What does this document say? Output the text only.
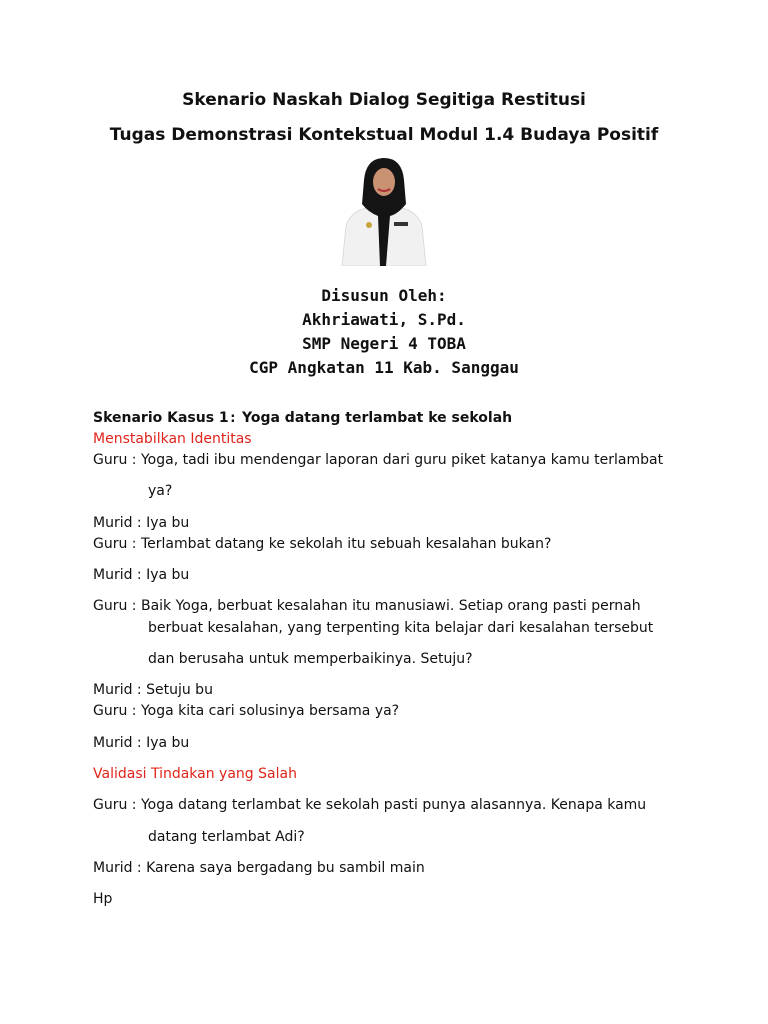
Skenario Naskah Dialog Segitiga Restitusi
Tugas Demonstrasi Kontekstual Modul 1.4 Budaya Positif
Disusun Oleh:
Akhriawati, S.Pd.
SMP Negeri 4 TOBA
CGP Angkatan 11 Kab. Sanggau
Skenario Kasus 1: Yoga datang terlambat ke sekolah
Menstabilkan Identitas
Guru : Yoga, tadi ibu mendengar laporan dari guru piket katanya kamu terlambat
ya?
Murid : Iya bu
Guru : Terlambat datang ke sekolah itu sebuah kesalahan bukan?
Murid : Iya bu
Guru : Baik Yoga, berbuat kesalahan itu manusiawi. Setiap orang pasti pernah
berbuat kesalahan, yang terpenting kita belajar dari kesalahan tersebut
dan berusaha untuk memperbaikinya. Setuju?
Murid : Setuju bu
Guru : Yoga kita cari solusinya bersama ya?
Murid : Iya bu
Validasi Tindakan yang Salah
Guru : Yoga datang terlambat ke sekolah pasti punya alasannya. Kenapa kamu
datang terlambat Adi?
Murid : Karena saya bergadang bu sambil main
Hp
